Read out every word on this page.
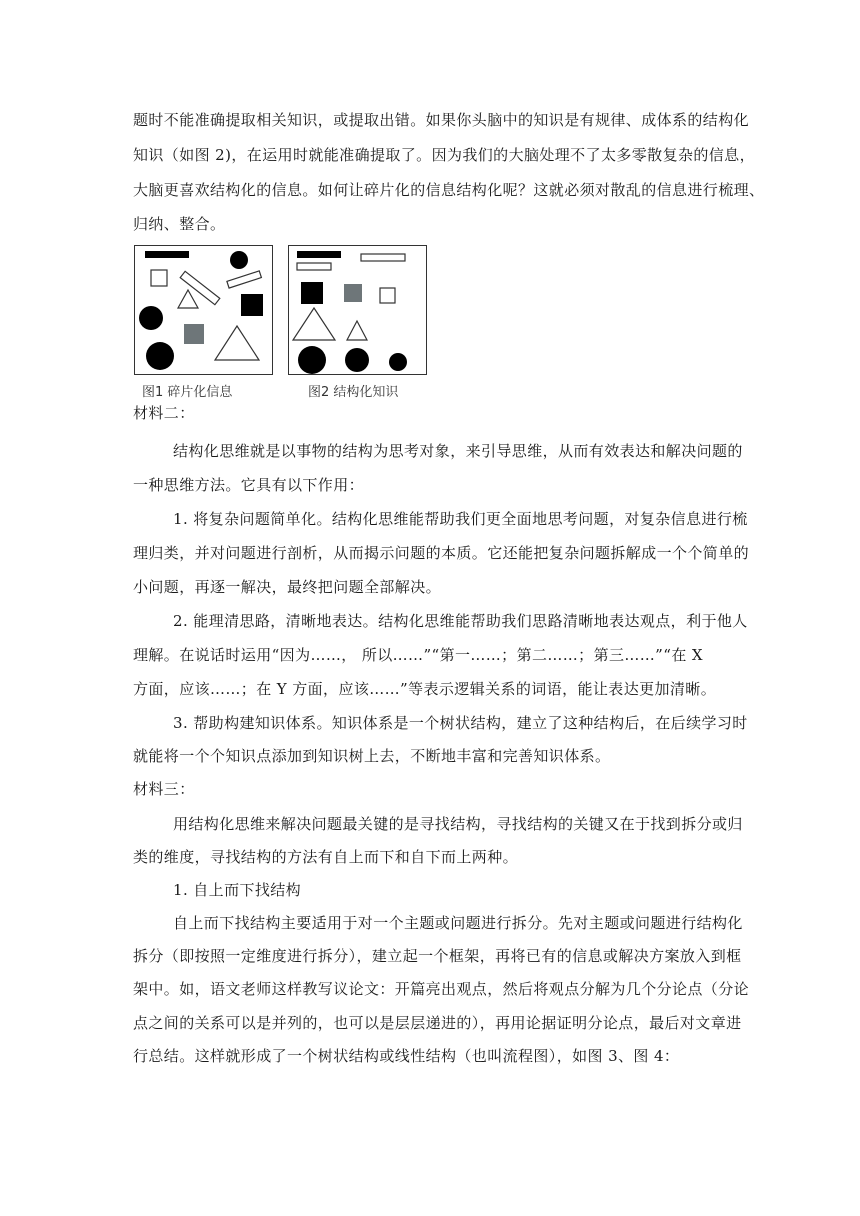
题时不能准确提取相关知识，或提取出错。如果你头脑中的知识是有规律、成体系的结构化
知识（如图 2)，在运用时就能准确提取了。因为我们的大脑处理不了太多零散复杂的信息，
大脑更喜欢结构化的信息。如何让碎片化的信息结构化呢？这就必须对散乱的信息进行梳理、
归纳、整合。
图1 碎片化信息	图2 结构化知识
材料二：
结构化思维就是以事物的结构为思考对象，来引导思维，从而有效表达和解决问题的
一种思维方法。它具有以下作用：
1. 将复杂问题简单化。结构化思维能帮助我们更全面地思考问题，对复杂信息进行梳
理归类，并对问题进行剖析，从而揭示问题的本质。它还能把复杂问题拆解成一个个简单的
小问题，再逐一解决，最终把问题全部解决。
2. 能理清思路，清晰地表达。结构化思维能帮助我们思路清晰地表达观点，利于他人
理解。在说话时运用“因为……， 所以……”“第一……；第二……；第三……”“在 X
方面，应该……；在 Y 方面，应该……”等表示逻辑关系的词语，能让表达更加清晰。
3. 帮助构建知识体系。知识体系是一个树状结构，建立了这种结构后，在后续学习时
就能将一个个知识点添加到知识树上去，不断地丰富和完善知识体系。
材料三：
用结构化思维来解决问题最关键的是寻找结构，寻找结构的关键又在于找到拆分或归
类的维度，寻找结构的方法有自上而下和自下而上两种。
1. 自上而下找结构
自上而下找结构主要适用于对一个主题或问题进行拆分。先对主题或问题进行结构化
拆分（即按照一定维度进行拆分），建立起一个框架，再将已有的信息或解决方案放入到框
架中。如，语文老师这样教写议论文：开篇亮出观点，然后将观点分解为几个分论点（分论
点之间的关系可以是并列的，也可以是层层递进的），再用论据证明分论点，最后对文章进
行总结。这样就形成了一个树状结构或线性结构（也叫流程图），如图 3、图 4：
